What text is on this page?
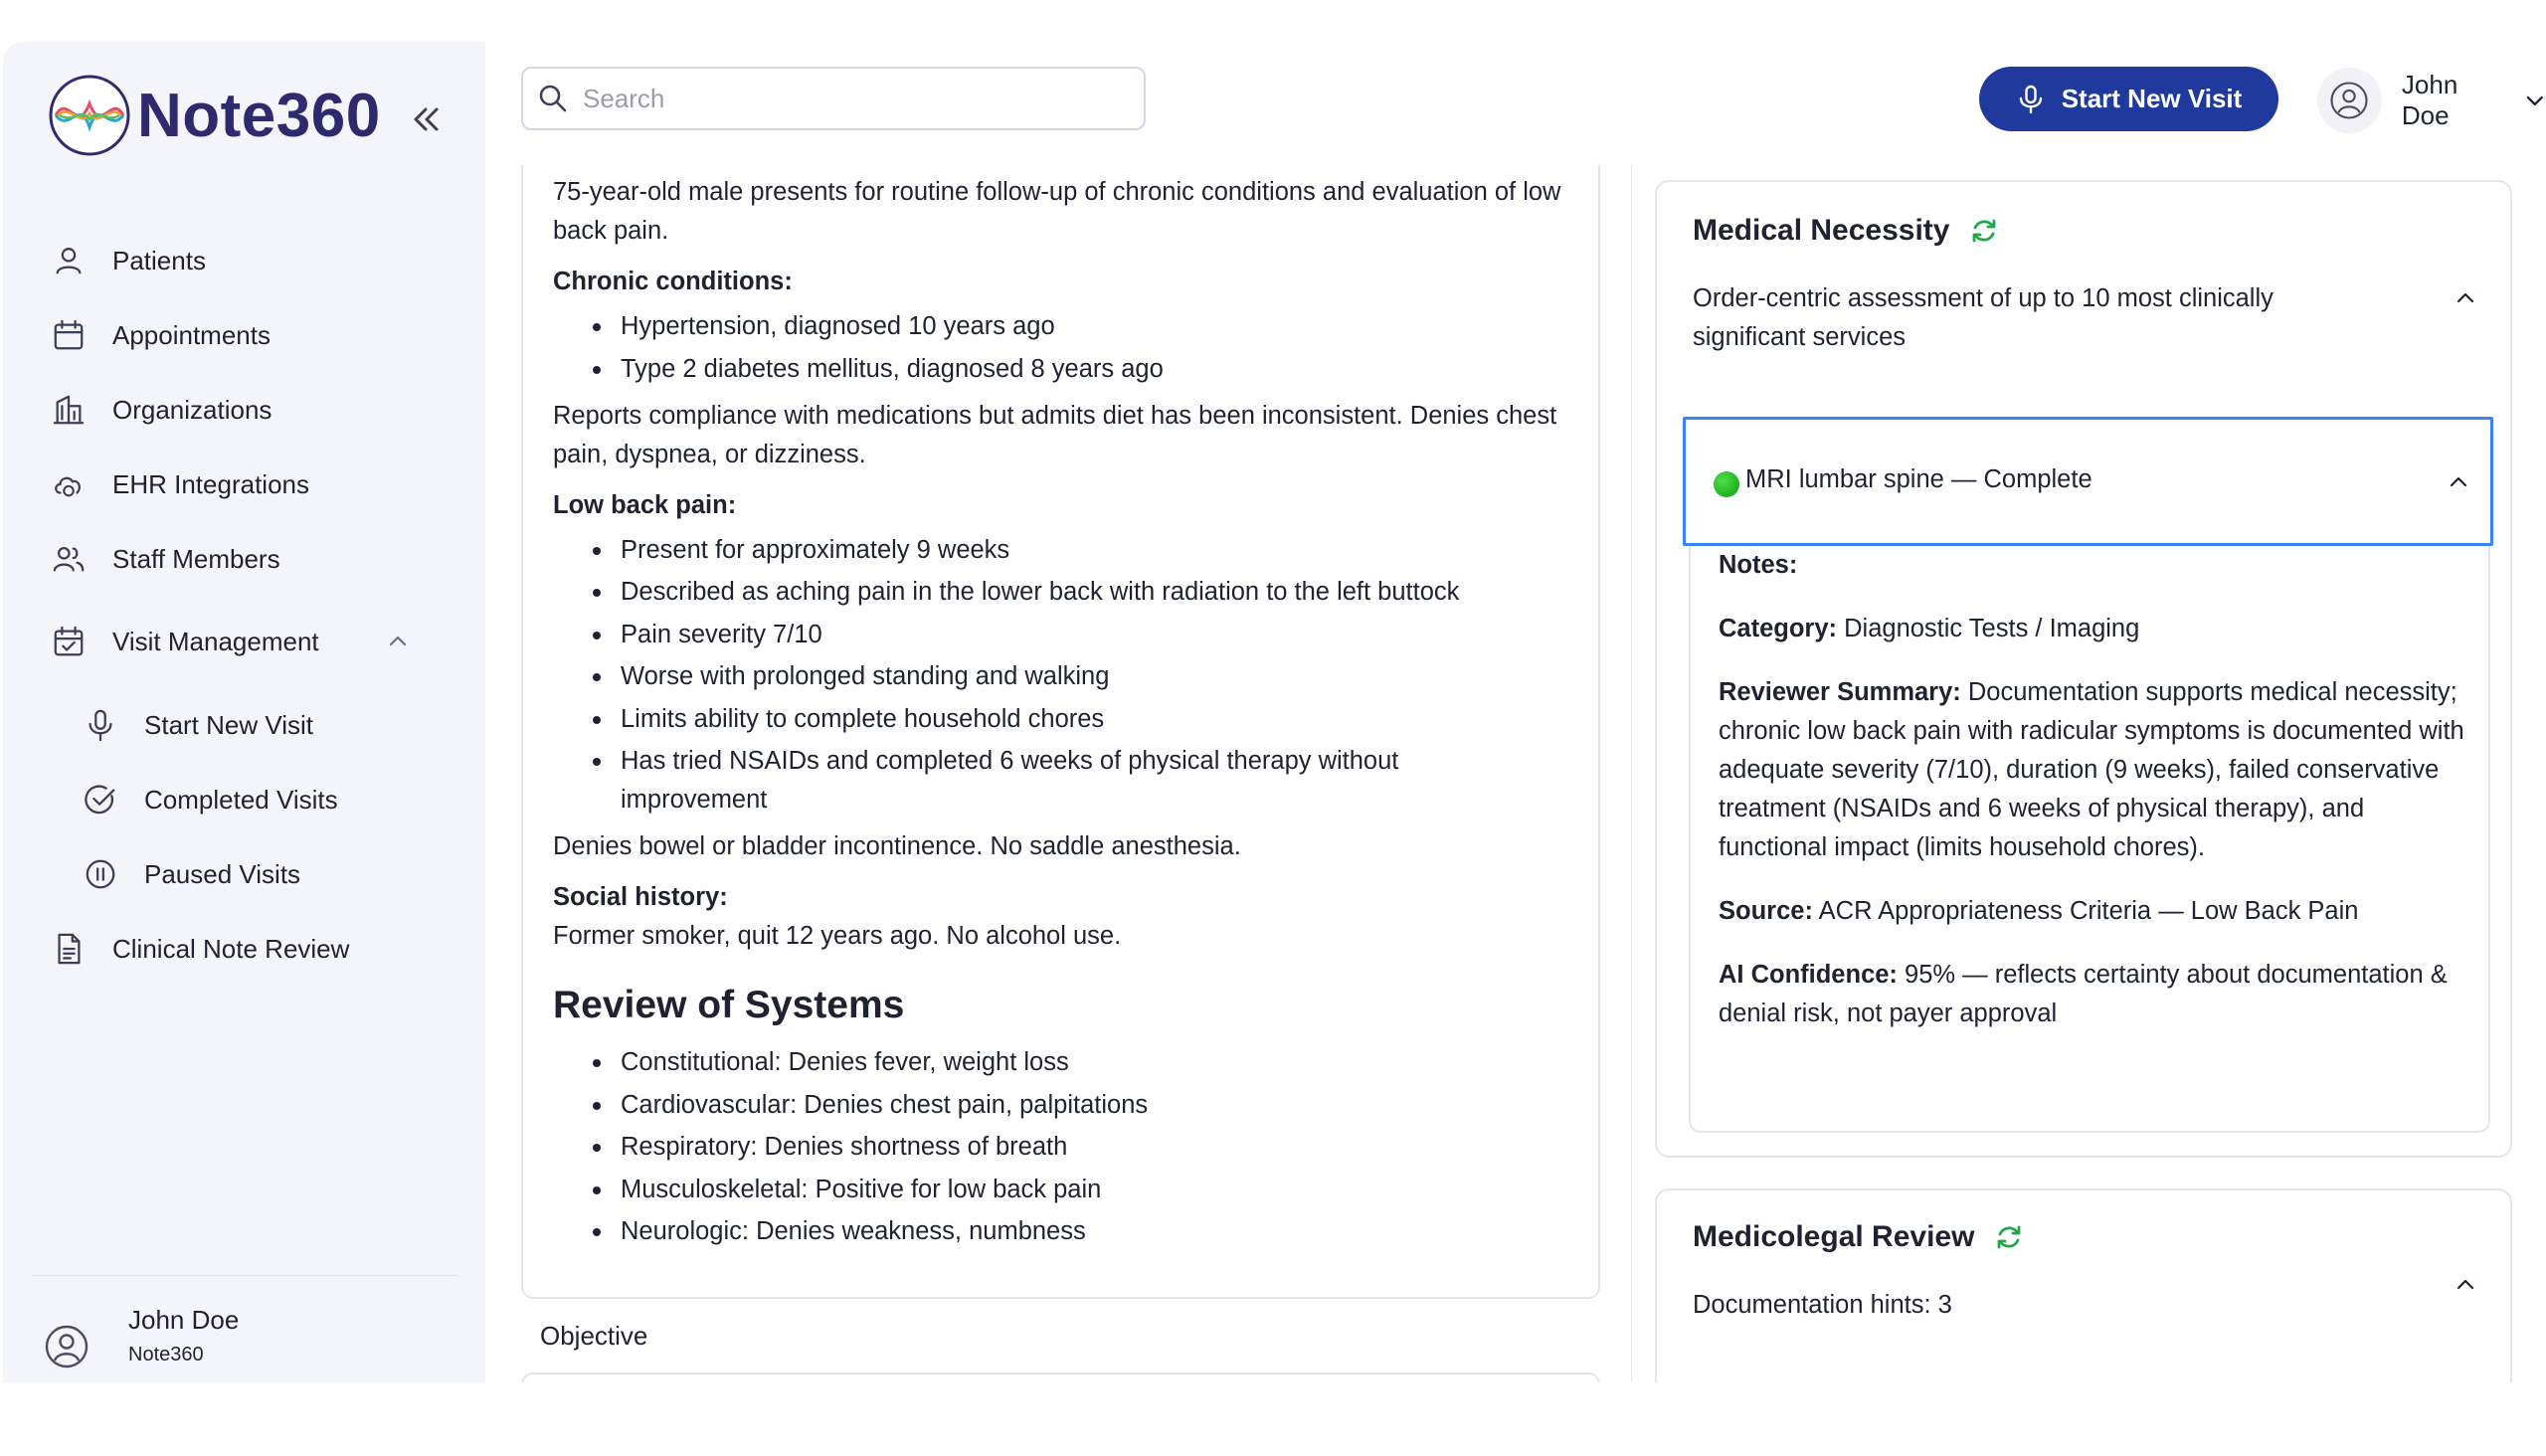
Note360
Patients
Appointments
Organizations
EHR Integrations
Staff Members
Visit Management
Start New Visit
Completed Visits
Paused Visits
Clinical Note Review
John Doe
Note360
Search
Start New Visit	John Doe

75-year-old male presents for routine follow-up of chronic conditions and evaluation of low back pain.

Chronic conditions:

Hypertension, diagnosed 10 years ago
Type 2 diabetes mellitus, diagnosed 8 years ago

Reports compliance with medications but admits diet has been inconsistent. Denies chest pain, dyspnea, or dizziness.

Low back pain:

Present for approximately 9 weeks
Described as aching pain in the lower back with radiation to the left buttock
Pain severity 7/10
Worse with prolonged standing and walking
Limits ability to complete household chores
Has tried NSAIDs and completed 6 weeks of physical therapy without improvement

Denies bowel or bladder incontinence. No saddle anesthesia.

Social history:

Former smoker, quit 12 years ago. No alcohol use.

Review of Systems

Constitutional: Denies fever, weight loss
Cardiovascular: Denies chest pain, palpitations
Respiratory: Denies shortness of breath
Musculoskeletal: Positive for low back pain
Neurologic: Denies weakness, numbness
Objective
Medical Necessity
Order-centric assessment of up to 10 most clinically significant services
MRI lumbar spine — Complete

Notes:

Category: Diagnostic Tests / Imaging

Reviewer Summary: Documentation supports medical necessity; chronic low back pain with radicular symptoms is documented with adequate severity (7/10), duration (9 weeks), failed conservative treatment (NSAIDs and 6 weeks of physical therapy), and functional impact (limits household chores).

Source: ACR Appropriateness Criteria — Low Back Pain

AI Confidence: 95% — reflects certainty about documentation & denial risk, not payer approval

Medicolegal Review
Documentation hints: 3
